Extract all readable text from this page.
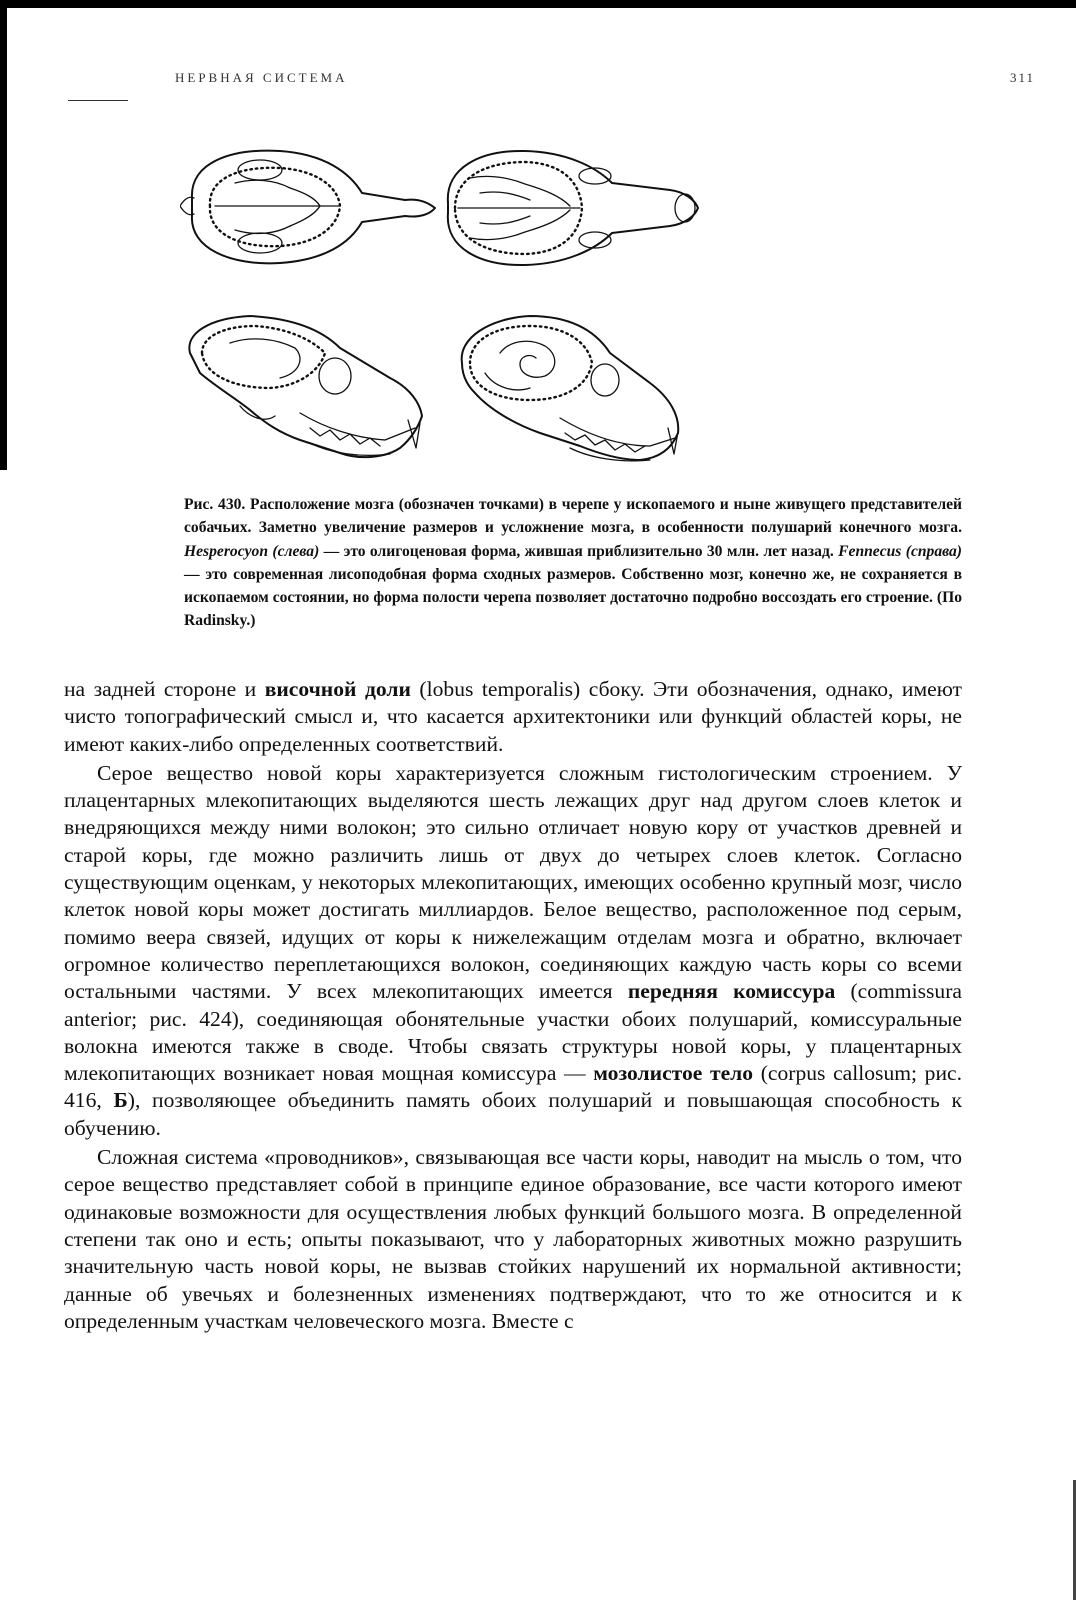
НЕРВНАЯ СИСТЕМА	311
Рис. 430. Расположение мозга (обозначен точками) в черепе у ископаемого и ныне живущего представителей собачьих. Заметно увеличение размеров и усложнение мозга, в особенности полушарий конечного мозга. Hesperocyon (слева) — это олигоценовая форма, жившая приблизительно 30 млн. лет назад. Fennecus (справа) — это современная лисоподобная форма сходных размеров. Собственно мозг, конечно же, не сохраняется в ископаемом состоянии, но форма полости черепа позволяет достаточно подробно воссоздать его строение. (По Radinsky.)

на задней стороне и височной доли (lobus temporalis) сбоку. Эти обозначения, однако, имеют чисто топографический смысл и, что касается архитектоники или функций областей коры, не имеют каких-либо определенных соответствий.

Серое вещество новой коры характеризуется сложным гистологическим строением. У плацентарных млекопитающих выделяются шесть лежащих друг над другом слоев клеток и внедряющихся между ними волокон; это сильно отличает новую кору от участков древней и старой коры, где можно различить лишь от двух до четырех слоев клеток. Согласно существующим оценкам, у некоторых млекопитающих, имеющих особенно крупный мозг, число клеток новой коры может достигать миллиардов. Белое вещество, расположенное под серым, помимо веера связей, идущих от коры к нижележащим отделам мозга и обратно, включает огромное количество переплетающихся волокон, соединяющих каждую часть коры со всеми остальными частями. У всех млекопитающих имеется передняя комиссура (commissura anterior; рис. 424), соединяющая обонятельные участки обоих полушарий, комиссуральные волокна имеются также в своде. Чтобы связать структуры новой коры, у плацентарных млекопитающих возникает новая мощная комиссура — мозолистое тело (corpus callosum; рис. 416, Б), позволяющее объединить память обоих полушарий и повышающая способность к обучению.

Сложная система «проводников», связывающая все части коры, наводит на мысль о том, что серое вещество представляет собой в принципе единое образование, все части которого имеют одинаковые возможности для осуществления любых функций большого мозга. В определенной степени так оно и есть; опыты показывают, что у лабораторных животных можно разрушить значительную часть новой коры, не вызвав стойких нарушений их нормальной активности; данные об увечьях и болезненных изменениях подтверждают, что то же относится и к определенным участкам человеческого мозга. Вместе с
